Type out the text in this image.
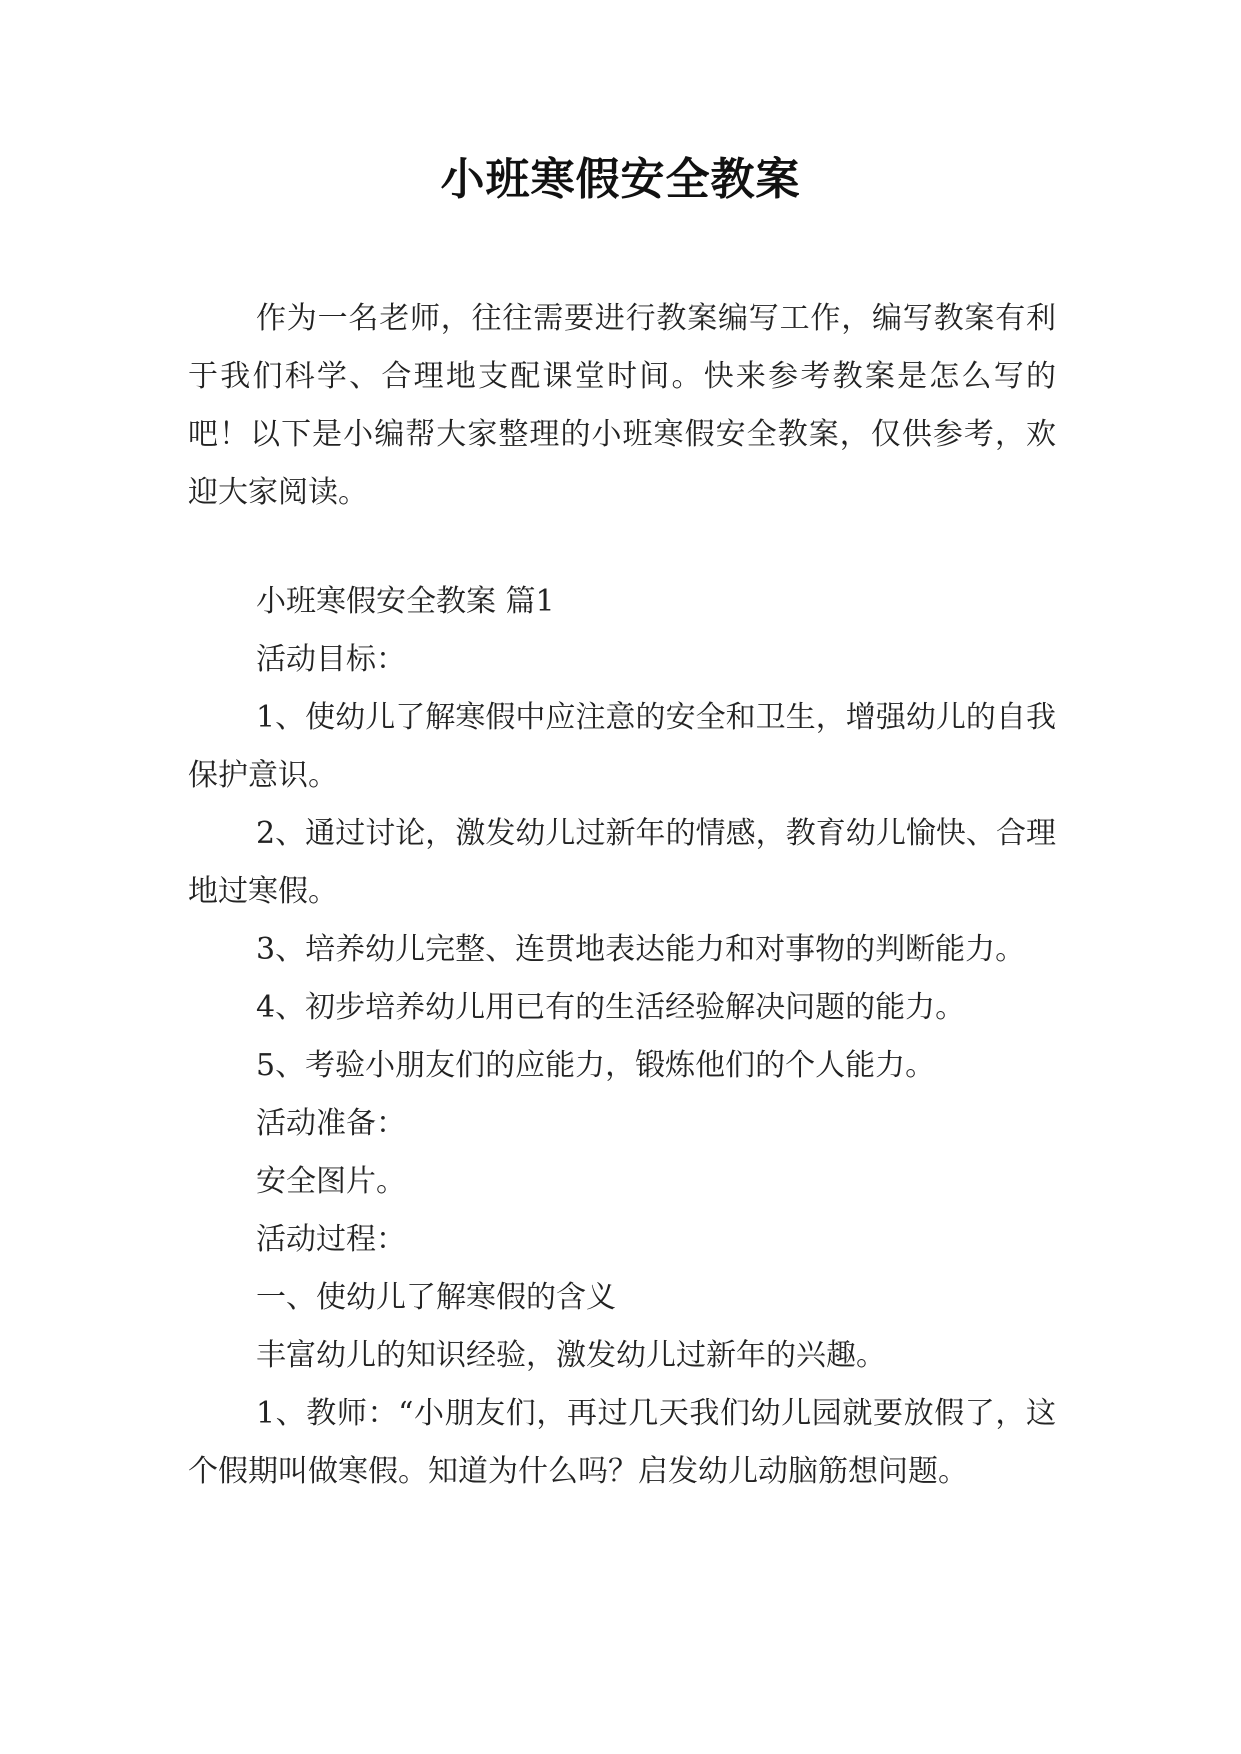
小班寒假安全教案

作为一名老师，往往需要进行教案编写工作，编写教案有利于我们科学、合理地支配课堂时间。快来参考教案是怎么写的吧！以下是小编帮大家整理的小班寒假安全教案，仅供参考，欢迎大家阅读。

小班寒假安全教案 篇1

活动目标：

1、使幼儿了解寒假中应注意的安全和卫生，增强幼儿的自我保护意识。

2、通过讨论，激发幼儿过新年的情感，教育幼儿愉快、合理地过寒假。

3、培养幼儿完整、连贯地表达能力和对事物的判断能力。

4、初步培养幼儿用已有的生活经验解决问题的能力。

5、考验小朋友们的应能力，锻炼他们的个人能力。

活动准备：

安全图片。

活动过程：

一、使幼儿了解寒假的含义

丰富幼儿的知识经验，激发幼儿过新年的兴趣。

1、教师：“小朋友们，再过几天我们幼儿园就要放假了，这个假期叫做寒假。知道为什么吗？启发幼儿动脑筋想问题。
